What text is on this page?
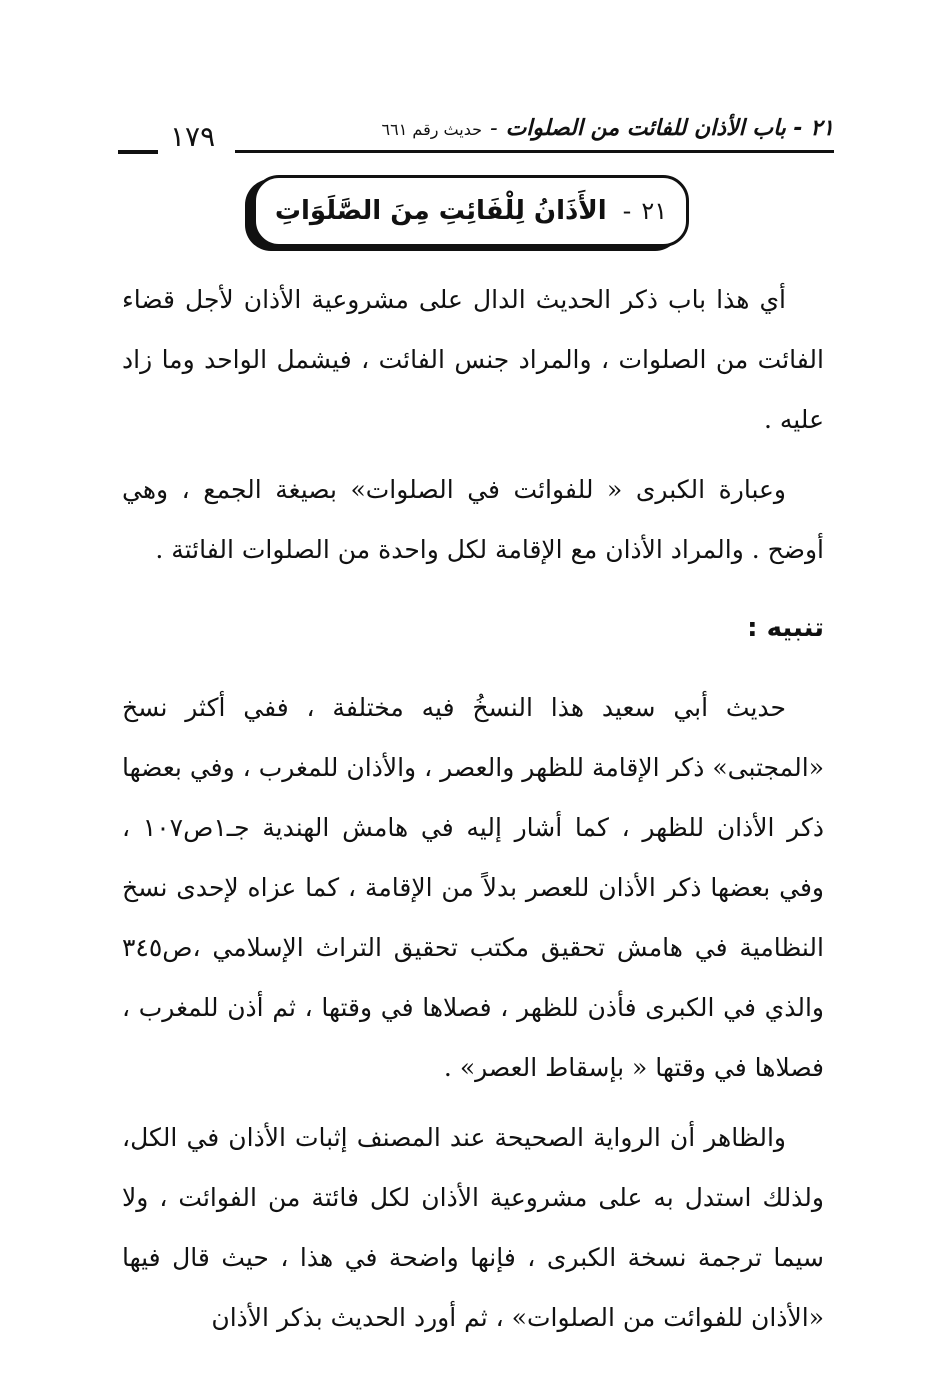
٢١ - باب الأذان للفائت من الصلوات-حديث رقم ٦٦١
١٧٩
٢١
-
الأَذَانُ لِلْفَائِتِ مِنَ الصَّلَوَاتِ

أي هذا باب ذكر الحديث الدال على مشروعية الأذان لأجل قضاء الفائت من الصلوات ، والمراد جنس الفائت ، فيشمل الواحد وما زاد عليه .

وعبارة الكبرى « للفوائت في الصلوات» بصيغة الجمع ، وهي أوضح . والمراد الأذان مع الإقامة لكل واحدة من الصلوات الفائتة .

تنبيه :

حديث أبي سعيد هذا النسخُ فيه مختلفة ، ففي أكثر نسخ «المجتبى» ذكر الإقامة للظهر والعصر ، والأذان للمغرب ، وفي بعضها ذكر الأذان للظهر ، كما أشار إليه في هامش الهندية جـ١ص١٠٧ ، وفي بعضها ذكر الأذان للعصر بدلاً من الإقامة ، كما عزاه لإحدى نسخ النظامية في هامش تحقيق مكتب تحقيق التراث الإسلامي ،ص٣٤٥ والذي في الكبرى فأذن للظهر ، فصلاها في وقتها ، ثم أذن للمغرب ، فصلاها في وقتها « بإسقاط العصر» .

والظاهر أن الرواية الصحيحة عند المصنف إثبات الأذان في الكل، ولذلك استدل به على مشروعية الأذان لكل فائتة من الفوائت ، ولا سيما ترجمة نسخة الكبرى ، فإنها واضحة في هذا ، حيث قال فيها «الأذان للفوائت من الصلوات» ، ثم أورد الحديث بذكر الأذان
